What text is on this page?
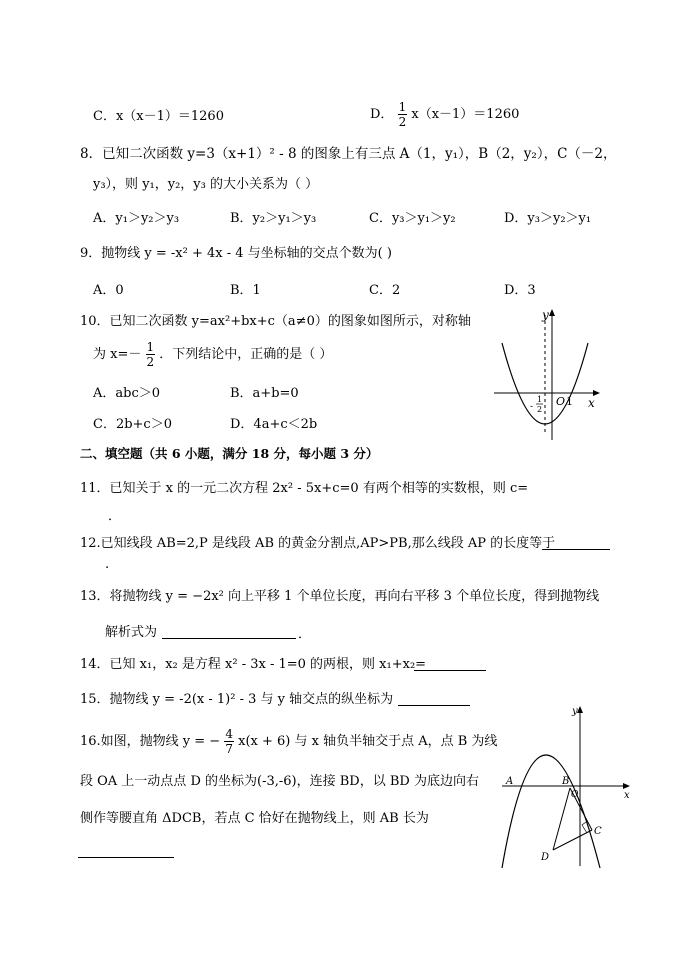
C．x（x－1）＝1260	D． $\frac{1}{2} x(x-1)=1260$
8．已知二次函数 y=3（x+1）² - 8 的图象上有三点 A（1，y₁），B（2，y₂），C（－2，
y₃），则 y₁，y₂，y₃ 的大小关系为（ ）
A．y₁＞y₂＞y₃	B．y₂＞y₁＞y₃	C．y₃＞y₁＞y₂	D．y₃＞y₂＞y₁
9．抛物线 y = -x² + 4x - 4 与坐标轴的交点个数为( )
A．0	B．1	C．2	D．3
10．已知二次函数 y=ax²+bx+c（a≠0）的图象如图所示，对称轴
为 $x=- \frac{1}{2}$ ．下列结论中，正确的是（ ）
A．abc＞0	B．a+b=0
C．2b+c＞0	D．4a+c＜2b
y
x
O 1
-
1
2
二、填空题（共 6 小题，满分 18 分，每小题 3 分）
11．已知关于 x 的一元二次方程 2x² - 5x+c=0 有两个相等的实数根，则 c=
．
12.已知线段 AB=2,P 是线段 AB 的黄金分割点,AP>PB,那么线段 AP 的长度等于
.
13．将抛物线 y = −2x² 向上平移 1 个单位长度，再向右平移 3 个单位长度，得到抛物线
解析式为	．
14．已知 x₁，x₂ 是方程 x² - 3x - 1=0 的两根，则 x₁+x₂=
15．抛物线 y = -2(x - 1)² - 3 与 y 轴交点的纵坐标为
16.如图，抛物线 y = − $\frac{4}{7} x(x + 6)$ 与 x 轴负半轴交于点 A，点 B 为线
段 OA 上一动点点 D 的坐标为(-3,-6)，连接 BD，以 BD 为底边向右
侧作等腰直角 ΔDCB，若点 C 恰好在抛物线上，则 AB 长为
y
x
A	B
O
C
D
